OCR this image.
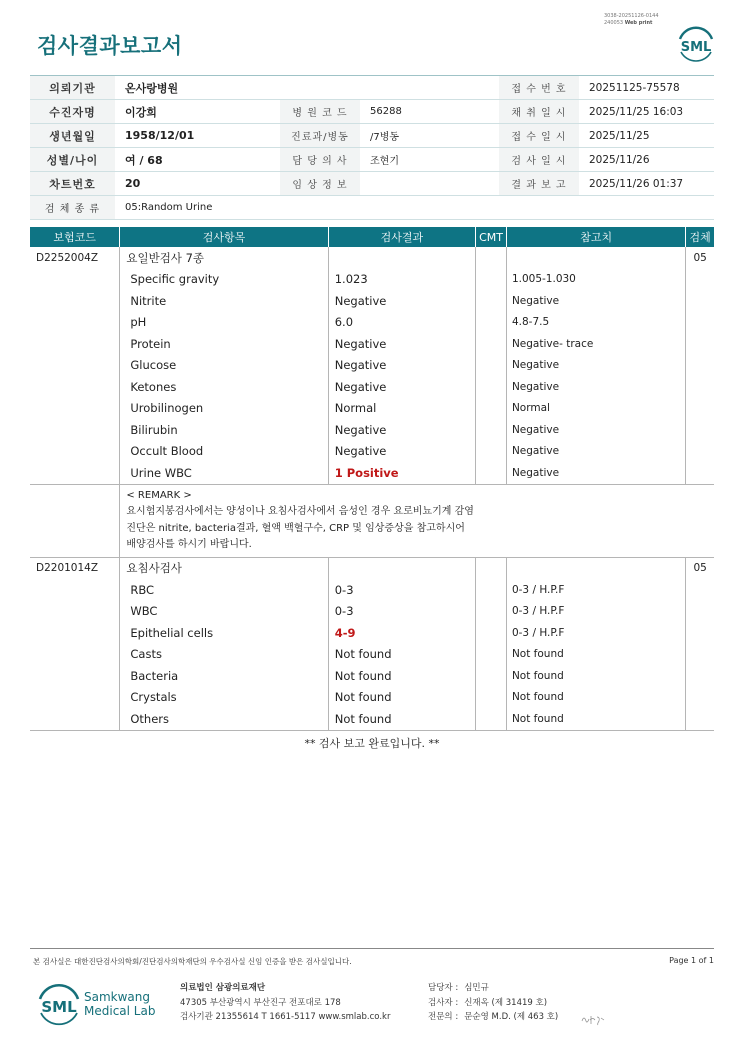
검사결과보고서
3038-20251126-0144
240053 Web print
SML
의뢰기관	온사랑병원	접 수 번 호	20251125-75578
수진자명	이강희	병 원 코 드	56288	채 취 일 시	2025/11/25 16:03
생년월일	1958/12/01	진료과/병동	/7병동	접 수 일 시	2025/11/25
성별/나이	여 / 68	담 당 의 사	조현기	검 사 일 시	2025/11/26
차트번호	20	임 상 정 보	결 과 보 고	2025/11/26 01:37
검 체 종 류	05:Random Urine
보험코드	검사항목	검사결과	CMT	참고치	검체

D2252004Z	요일반검사 7종				05

	Specific gravity	1.023		1.005-1.030	

	Nitrite	Negative		Negative	

	pH	6.0		4.8-7.5	

	Protein	Negative		Negative- trace	

	Glucose	Negative		Negative	

	Ketones	Negative		Negative	

	Urobilinogen	Normal		Normal	

	Bilirubin	Negative		Negative	

	Occult Blood	Negative		Negative	

	Urine WBC	1 Positive		Negative	

	< REMARK >
요시험지봉검사에서는 양성이나 요침사검사에서 음성인 경우 요로비뇨기계 감염
진단은 nitrite, bacteria결과, 혈액 백혈구수, CRP 및 임상증상을 참고하시어
배양검사를 하시기 바랍니다.				

D2201014Z	요침사검사				05

	RBC	0-3		0-3 / H.P.F	

	WBC	0-3		0-3 / H.P.F	

	Epithelial cells	4-9		0-3 / H.P.F	

	Casts	Not found		Not found	

	Bacteria	Not found		Not found	

	Crystals	Not found		Not found	

	Others	Not found		Not found	

** 검사 보고 완료입니다. **
본 검사실은 대한진단검사의학회/진단검사의학재단의 우수검사실 신임 인증을 받은 검사실입니다.	Page 1 of 1
SML
Samkwang
Medical Lab
의료법인 삼광의료재단
47305 부산광역시 부산진구 전포대로 178
검사기관 21355614 T 1661-5117 www.smlab.co.kr
담당자 : 심민규
검사자 : 신재옥 (제 31419 호)
전문의 : 문순영 M.D. (제 463 호)
